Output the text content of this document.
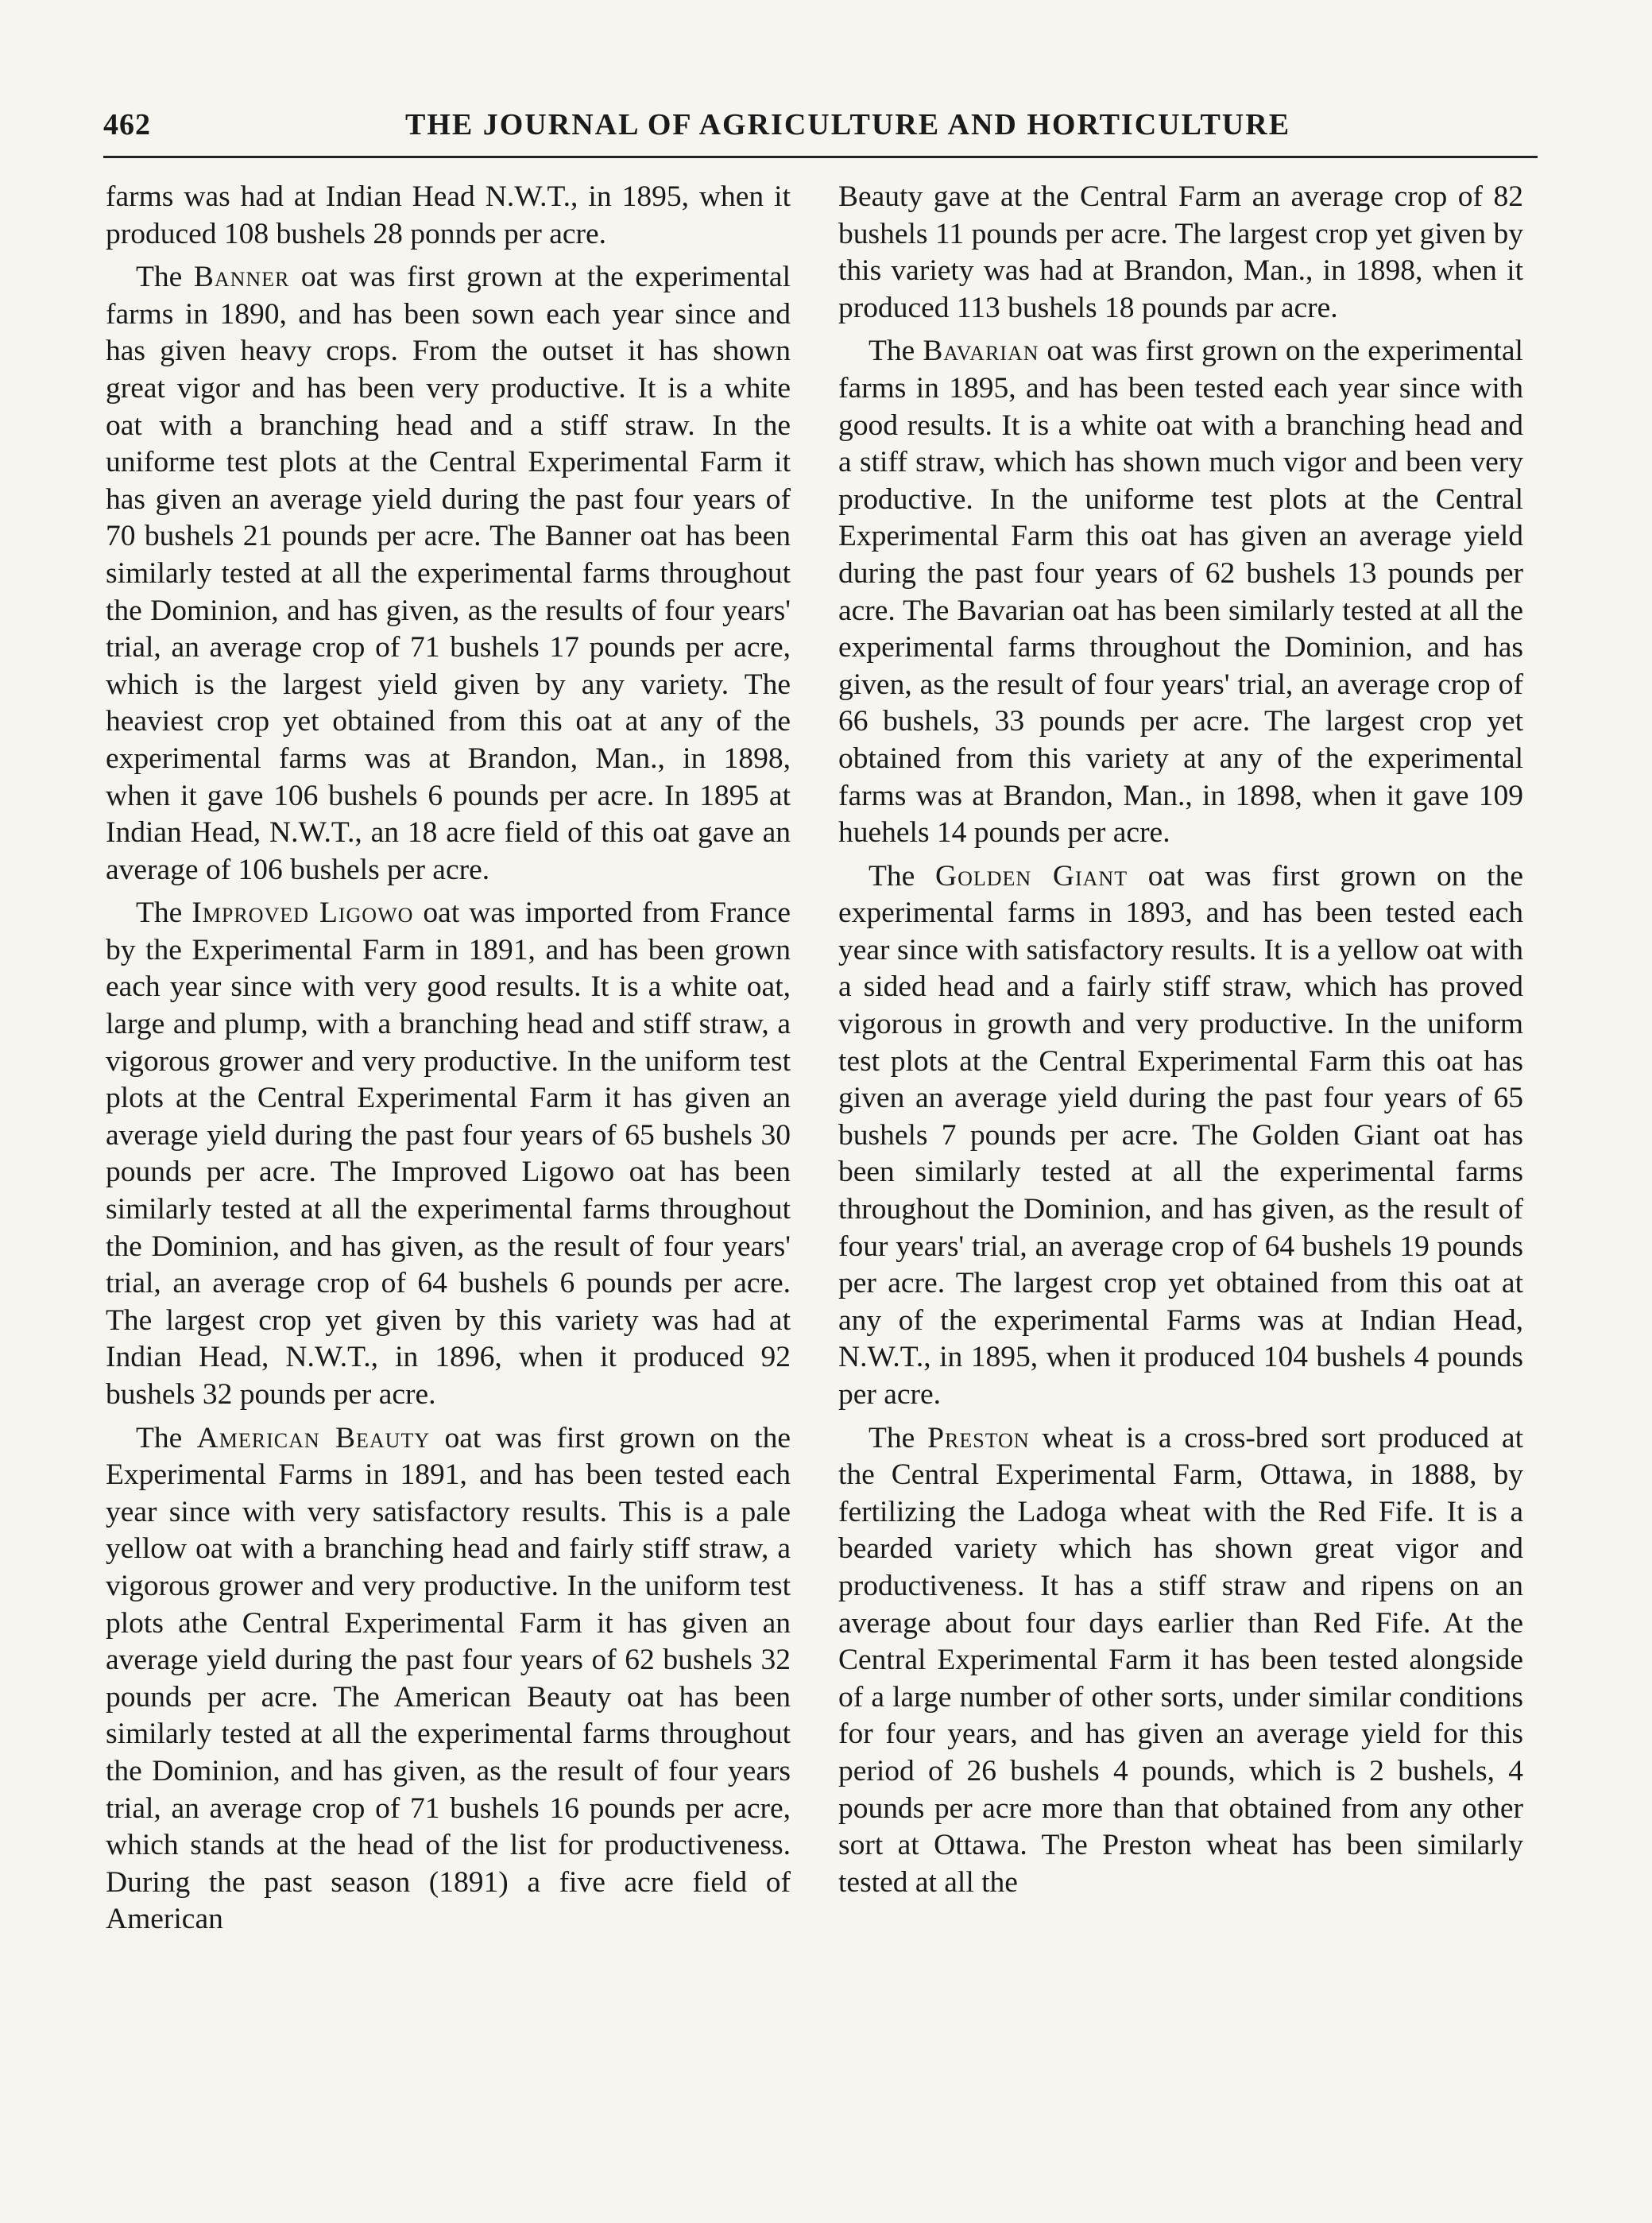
462	THE JOURNAL OF AGRICULTURE AND HORTICULTURE

farms was had at Indian Head N.W.T., in 1895, when it produced 108 bushels 28 ponnds per acre.

The Banner oat was first grown at the experimental farms in 1890, and has been sown each year since and has given heavy crops. From the outset it has shown great vigor and has been very productive. It is a white oat with a branching head and a stiff straw. In the uniforme test plots at the Central Experimental Farm it has given an average yield during the past four years of 70 bushels 21 pounds per acre. The Banner oat has been similarly tested at all the experimental farms throughout the Dominion, and has given, as the results of four years' trial, an average crop of 71 bushels 17 pounds per acre, which is the largest yield given by any variety. The heaviest crop yet obtained from this oat at any of the experimental farms was at Brandon, Man., in 1898, when it gave 106 bushels 6 pounds per acre. In 1895 at Indian Head, N.W.T., an 18 acre field of this oat gave an average of 106 bushels per acre.

The Improved Ligowo oat was imported from France by the Experimental Farm in 1891, and has been grown each year since with very good results. It is a white oat, large and plump, with a branching head and stiff straw, a vigorous grower and very productive. In the uniform test plots at the Central Experimental Farm it has given an average yield during the past four years of 65 bushels 30 pounds per acre. The Improved Ligowo oat has been similarly tested at all the experimental farms throughout the Dominion, and has given, as the result of four years' trial, an average crop of 64 bushels 6 pounds per acre. The largest crop yet given by this variety was had at Indian Head, N.W.T., in 1896, when it produced 92 bushels 32 pounds per acre.

The American Beauty oat was first grown on the Experimental Farms in 1891, and has been tested each year since with very satisfactory results. This is a pale yellow oat with a branching head and fairly stiff straw, a vigorous grower and very productive. In the uniform test plots athe Central Experimental Farm it has given an average yield during the past four years of 62 bushels 32 pounds per acre. The American Beauty oat has been similarly tested at all the experimental farms throughout the Dominion, and has given, as the result of four years trial, an average crop of 71 bushels 16 pounds per acre, which stands at the head of the list for productiveness. During the past season (1891) a five acre field of American

Beauty gave at the Central Farm an average crop of 82 bushels 11 pounds per acre. The largest crop yet given by this variety was had at Brandon, Man., in 1898, when it produced 113 bushels 18 pounds par acre.

The Bavarian oat was first grown on the experimental farms in 1895, and has been tested each year since with good results. It is a white oat with a branching head and a stiff straw, which has shown much vigor and been very productive. In the uniforme test plots at the Central Experimental Farm this oat has given an average yield during the past four years of 62 bushels 13 pounds per acre. The Bavarian oat has been similarly tested at all the experimental farms throughout the Dominion, and has given, as the result of four years' trial, an average crop of 66 bushels, 33 pounds per acre. The largest crop yet obtained from this variety at any of the experimental farms was at Brandon, Man., in 1898, when it gave 109 huehels 14 pounds per acre.

The Golden Giant oat was first grown on the experimental farms in 1893, and has been tested each year since with satisfactory results. It is a yellow oat with a sided head and a fairly stiff straw, which has proved vigorous in growth and very productive. In the uniform test plots at the Central Experimental Farm this oat has given an average yield during the past four years of 65 bushels 7 pounds per acre. The Golden Giant oat has been similarly tested at all the experimental farms throughout the Dominion, and has given, as the result of four years' trial, an average crop of 64 bushels 19 pounds per acre. The largest crop yet obtained from this oat at any of the experimental Farms was at Indian Head, N.W.T., in 1895, when it produced 104 bushels 4 pounds per acre.

The Preston wheat is a cross-bred sort produced at the Central Experimental Farm, Ottawa, in 1888, by fertilizing the Ladoga wheat with the Red Fife. It is a bearded variety which has shown great vigor and productiveness. It has a stiff straw and ripens on an average about four days earlier than Red Fife. At the Central Experimental Farm it has been tested alongside of a large number of other sorts, under similar conditions for four years, and has given an average yield for this period of 26 bushels 4 pounds, which is 2 bushels, 4 pounds per acre more than that obtained from any other sort at Ottawa. The Preston wheat has been similarly tested at all the
